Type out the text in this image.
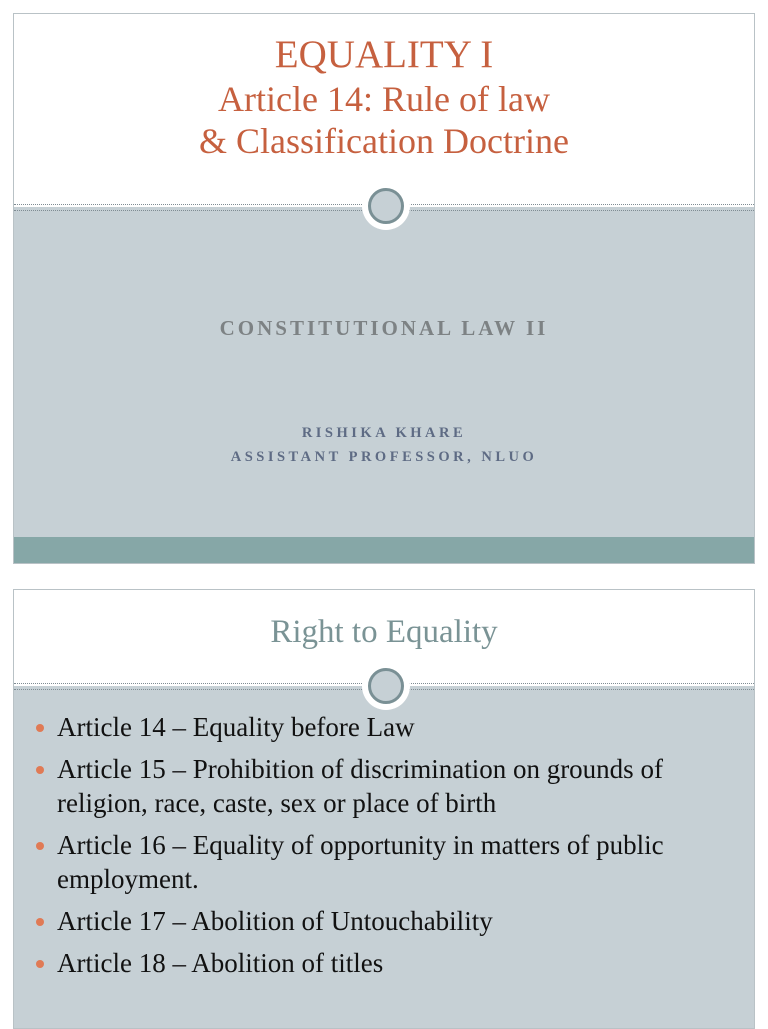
EQUALITY I
Article 14: Rule of law
& Classification Doctrine
CONSTITUTIONAL LAW II
RISHIKA KHARE
ASSISTANT PROFESSOR, NLUO
Right to Equality
Article 14 – Equality before Law
Article 15 – Prohibition of discrimination on grounds of religion, race, caste, sex or place of birth
Article 16 – Equality of opportunity in matters of public employment.
Article 17 – Abolition of Untouchability
Article 18 – Abolition of titles
